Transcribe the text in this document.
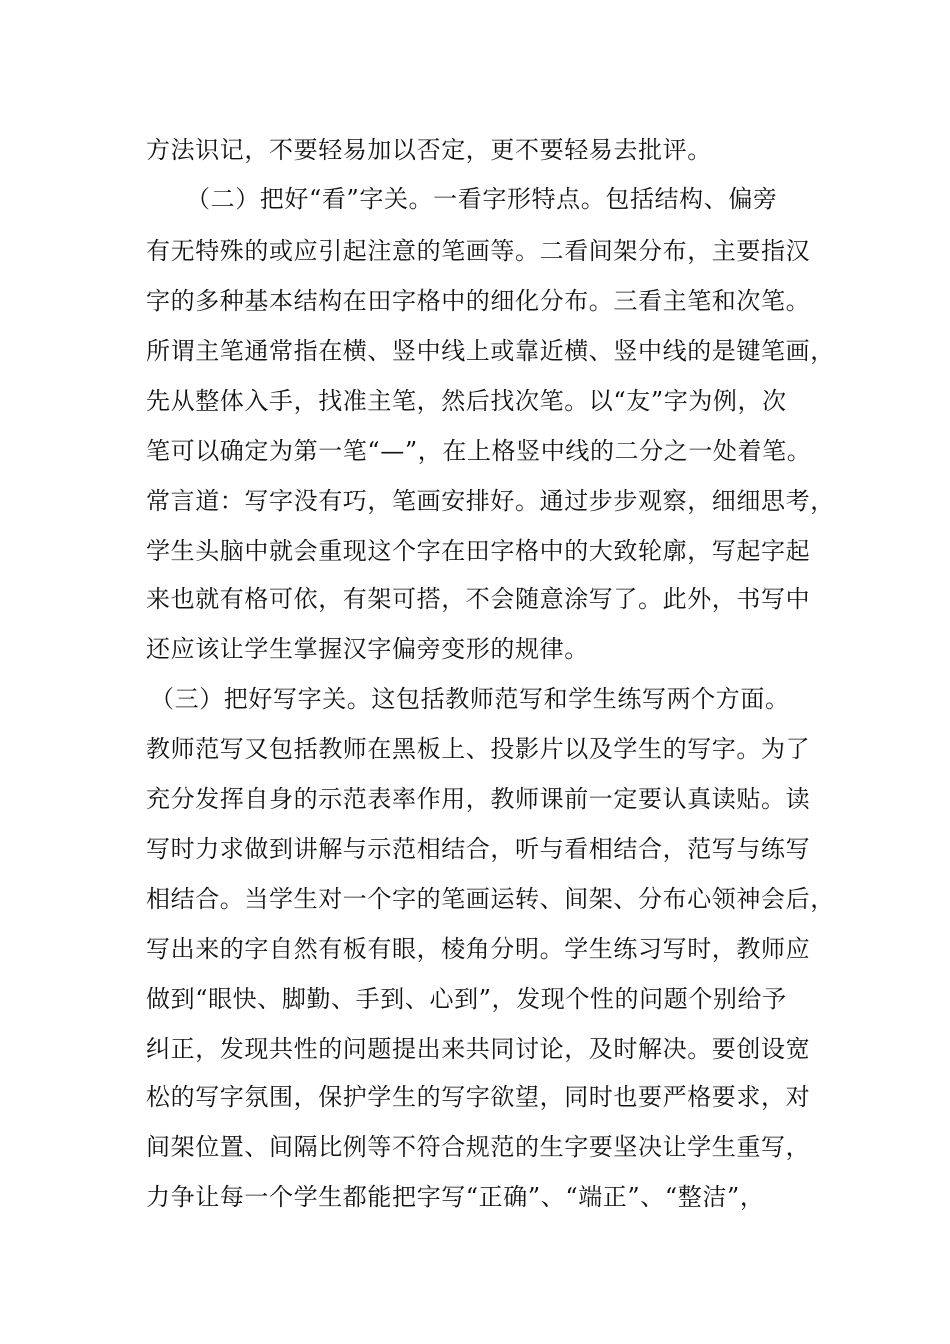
方法识记，不要轻易加以否定，更不要轻易去批评。

（二）把好“看”字关。一看字形特点。包括结构、偏旁

有无特殊的或应引起注意的笔画等。二看间架分布，主要指汉

字的多种基本结构在田字格中的细化分布。三看主笔和次笔。

所谓主笔通常指在横、竖中线上或靠近横、竖中线的是键笔画，

先从整体入手，找准主笔，然后找次笔。以“友”字为例，次

笔可以确定为第一笔“—”，在上格竖中线的二分之一处着笔。

常言道：写字没有巧，笔画安排好。通过步步观察，细细思考，

学生头脑中就会重现这个字在田字格中的大致轮廓，写起字起

来也就有格可依，有架可搭，不会随意涂写了。此外，书写中

还应该让学生掌握汉字偏旁变形的规律。

（三）把好写字关。这包括教师范写和学生练写两个方面。

教师范写又包括教师在黑板上、投影片以及学生的写字。为了

充分发挥自身的示范表率作用，教师课前一定要认真读贴。读

写时力求做到讲解与示范相结合，听与看相结合，范写与练写

相结合。当学生对一个字的笔画运转、间架、分布心领神会后，

写出来的字自然有板有眼，棱角分明。学生练习写时，教师应

做到“眼快、脚勤、手到、心到”，发现个性的问题个别给予

纠正，发现共性的问题提出来共同讨论，及时解决。要创设宽

松的写字氛围，保护学生的写字欲望，同时也要严格要求，对

间架位置、间隔比例等不符合规范的生字要坚决让学生重写，

力争让每一个学生都能把字写“正确”、“端正”、“整洁”，
